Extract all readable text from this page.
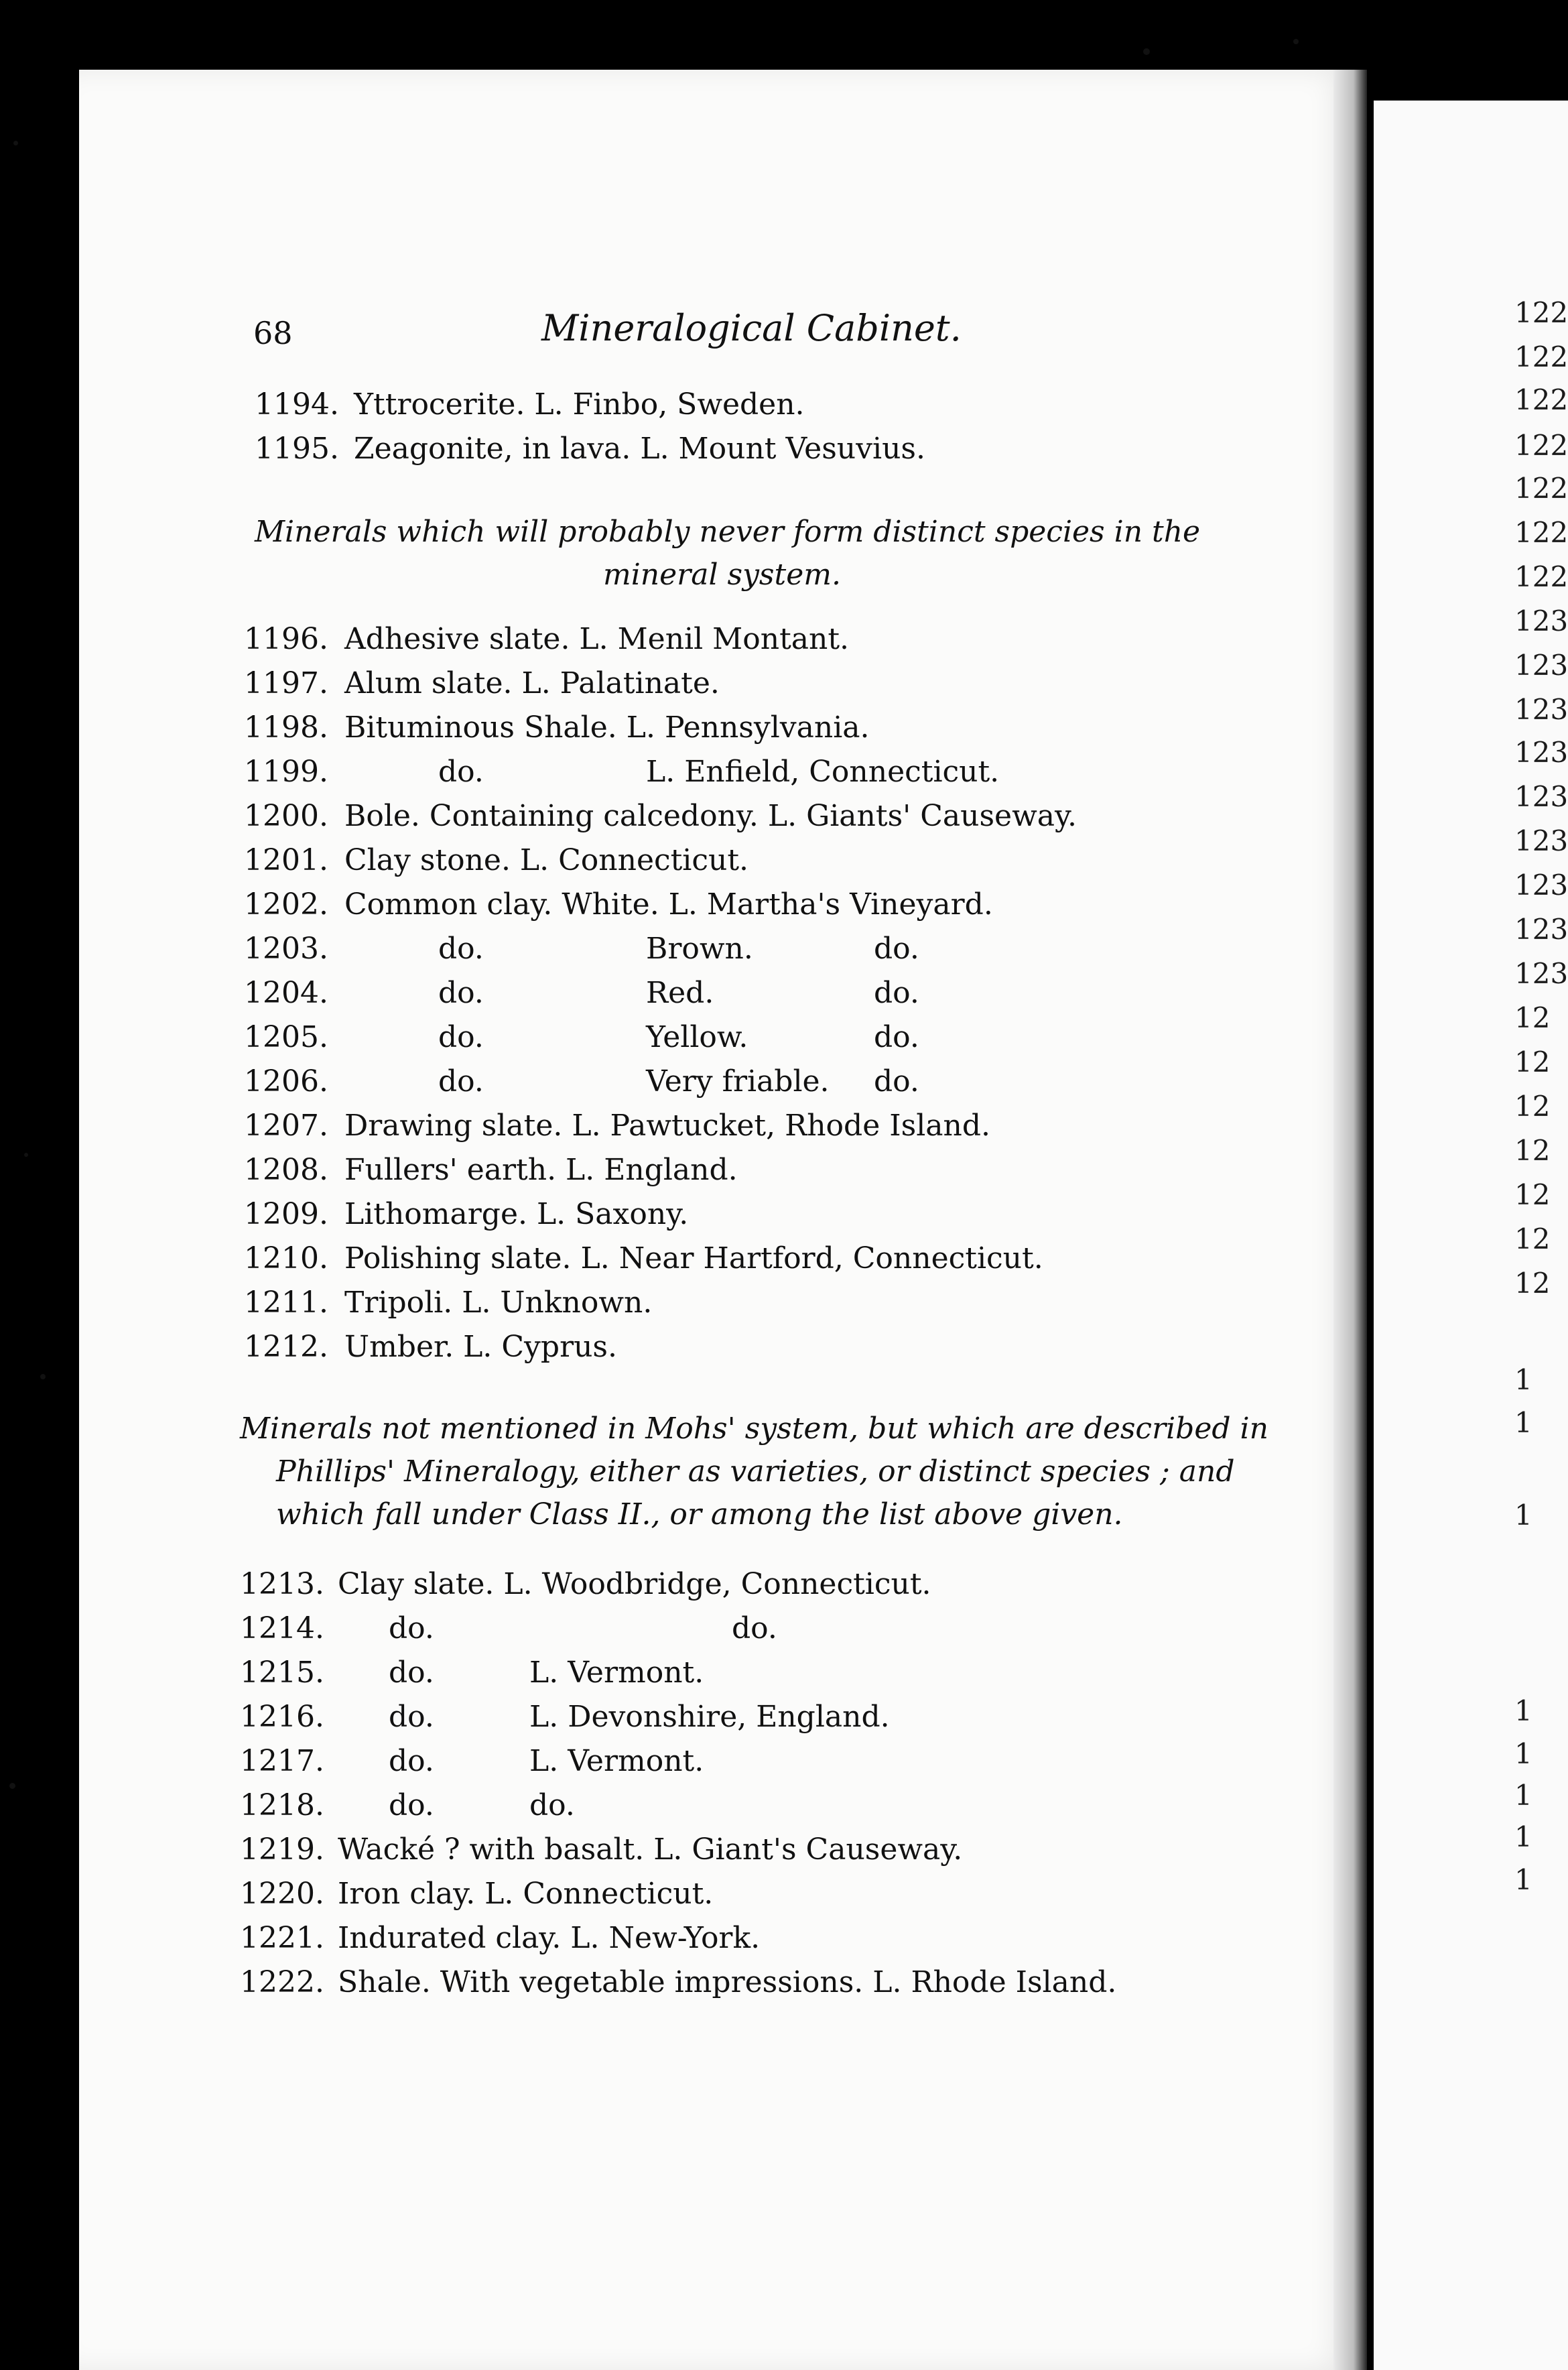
122
122
122
122
122
122
122
123
123
123
123
123
123
123
123
123
12
12
12
12
12
12
12
1
1
1
1
1
1
1
1
68	Mineralogical Cabinet.
1194. Yttrocerite. L. Finbo, Sweden.
1195. Zeagonite, in lava. L. Mount Vesuvius.
Minerals which will probably never form distinct species in the
mineral system.
1196. Adhesive slate. L. Menil Montant.
1197. Alum slate. L. Palatinate.
1198. Bituminous Shale. L. Pennsylvania.
1199.	do.	L. Enfield, Connecticut.
1200. Bole. Containing calcedony. L. Giants' Causeway.
1201. Clay stone. L. Connecticut.
1202. Common clay. White. L. Martha's Vineyard.
1203.	do.	Brown.	do.
1204.	do.	Red.	do.
1205.	do.	Yellow.	do.
1206.	do.	Very friable. do.
1207. Drawing slate. L. Pawtucket, Rhode Island.
1208. Fullers' earth. L. England.
1209. Lithomarge. L. Saxony.
1210. Polishing slate. L. Near Hartford, Connecticut.
1211. Tripoli. L. Unknown.
1212. Umber. L. Cyprus.
Minerals not mentioned in Mohs' system, but which are described in
Phillips' Mineralogy, either as varieties, or distinct species ; and
which fall under Class II., or among the list above given.
1213. Clay slate. L. Woodbridge, Connecticut.
1214. do.	do.
1215. do.	L. Vermont.
1216. do.	L. Devonshire, England.
1217. do.	L. Vermont.
1218. do.	do.
1219. Wacké ? with basalt. L. Giant's Causeway.
1220. Iron clay. L. Connecticut.
1221. Indurated clay. L. New-York.
1222. Shale. With vegetable impressions. L. Rhode Island.
